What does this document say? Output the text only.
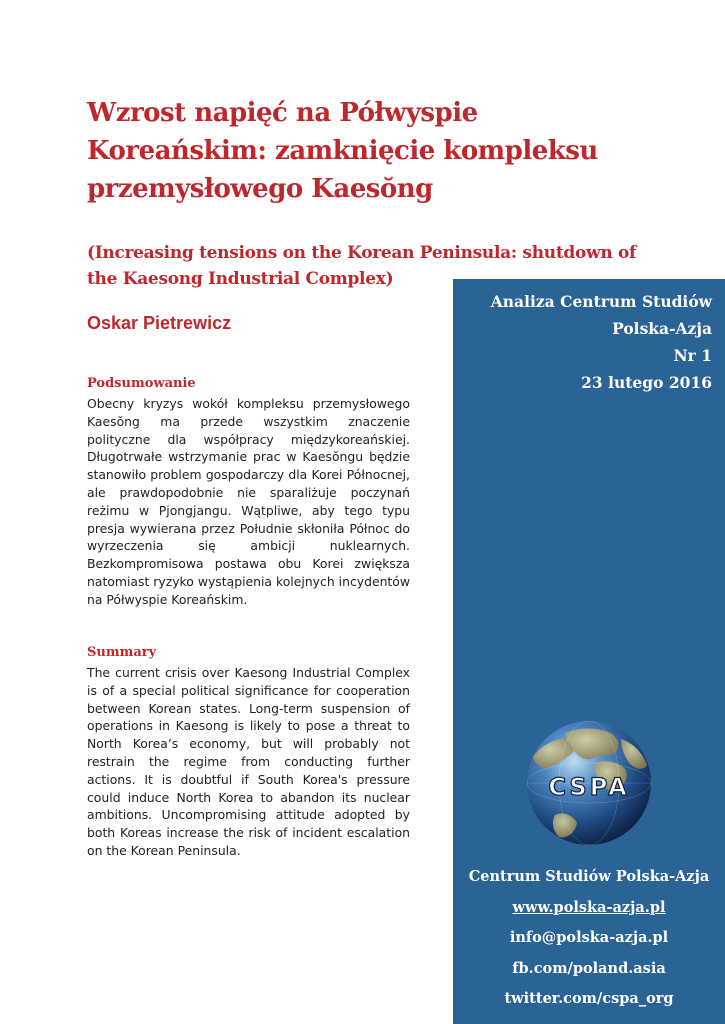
Wzrost napięć na Półwyspie Koreańskim: zamknięcie kompleksu przemysłowego Kaesŏng
(Increasing tensions on the Korean Peninsula: shutdown of the Kaesong Industrial Complex)
Oskar Pietrewicz
Podsumowanie

Obecny kryzys wokół kompleksu przemysłowego Kaesŏng ma przede wszystkim znaczenie polityczne dla współpracy międzykoreańskiej. Długotrwałe wstrzymanie prac w Kaesŏngu będzie stanowiło problem gospodarczy dla Korei Północnej, ale prawdopodobnie nie sparaliżuje poczynań reżimu w Pjongjangu. Wątpliwe, aby tego typu presja wywierana przez Południe skłoniła Północ do wyrzeczenia się ambicji nuklearnych. Bezkompromisowa postawa obu Korei zwiększa natomiast ryzyko wystąpienia kolejnych incydentów na Półwyspie Koreańskim.

Summary

The current crisis over Kaesong Industrial Complex is of a special political significance for cooperation between Korean states. Long-term suspension of operations in Kaesong is likely to pose a threat to North Korea’s economy, but will probably not restrain the regime from conducting further actions. It is doubtful if South Korea's pressure could induce North Korea to abandon its nuclear ambitions. Uncompromising attitude adopted by both Koreas increase the risk of incident escalation on the Korean Peninsula.

Analiza Centrum Studiów
Polska-Azja
Nr 1
23 lutego 2016
CSPA
Centrum Studiów Polska-Azja
www.polska-azja.pl
info@polska-azja.pl
fb.com/poland.asia
twitter.com/cspa_org
